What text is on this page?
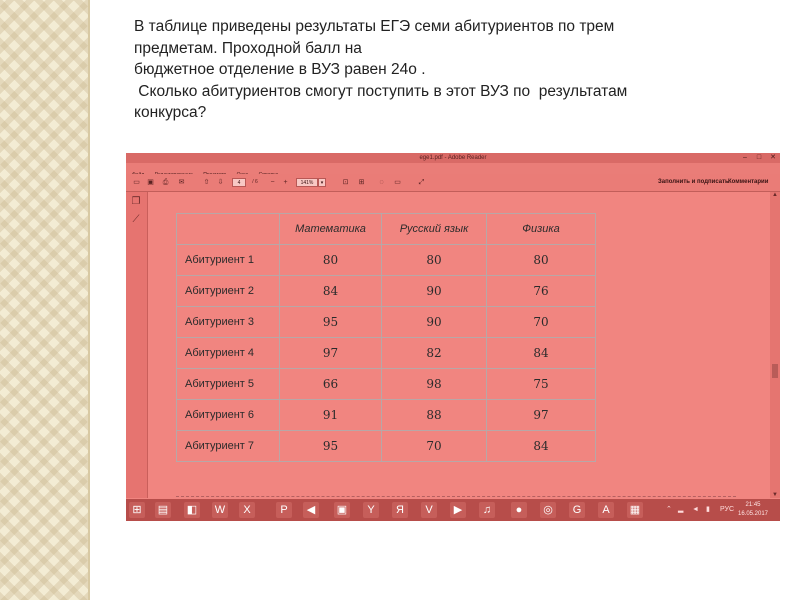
В таблице приведены результаты ЕГЭ семи абитуриентов по трем
предметам. Проходной балл на
бюджетное отделение в ВУЗ равен 24о .
Сколько абитуриентов смогут поступить в этот ВУЗ по  результатам
конкурса?

ege1.pdf - Adobe Reader	–	□	✕

▭ ▣	⎙	✉	⇧ ⇩	4	/ 6	−	+	141%	▾	⊡	⊞	◌	▭	⤢	Заполнить и подписать Комментарии
❐
⟋
	Математика	Русский язык	Физика
Абитуриент 1	80	80	80
Абитуриент 2	84	90	76
Абитуриент 3	95	90	70
Абитуриент 4	97	82	84
Абитуриент 5	66	98	75
Абитуриент 6	91	88	97
Абитуриент 7	95	70	84
▲
▼
⊞	▤ ◧ W	X	P	◀	▣	Y	Я	V	▶	♫	●	◎	G	A	▦	⌃ ▂ ◄ ▮ РУС
21:45
16.05.2017
